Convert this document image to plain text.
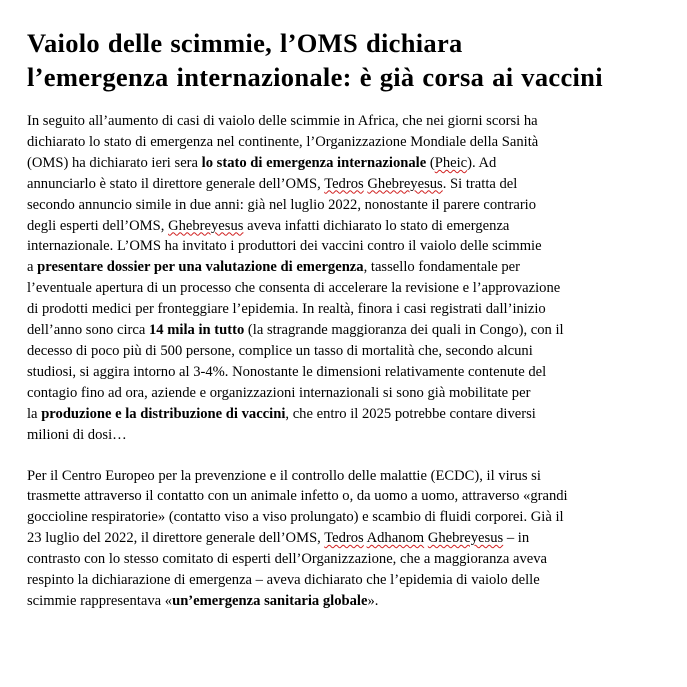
Vaiolo delle scimmie, l’OMS dichiara
l’emergenza internazionale: è già corsa ai vaccini
In seguito all’aumento di casi di vaiolo delle scimmie in Africa, che nei giorni scorsi ha
dichiarato lo stato di emergenza nel continente, l’Organizzazione Mondiale della Sanità
(OMS) ha dichiarato ieri sera lo stato di emergenza internazionale (Pheic). Ad
annunciarlo è stato il direttore generale dell’OMS, Tedros Ghebreyesus. Si tratta del
secondo annuncio simile in due anni: già nel luglio 2022, nonostante il parere contrario
degli esperti dell’OMS, Ghebreyesus aveva infatti dichiarato lo stato di emergenza
internazionale. L’OMS ha invitato i produttori dei vaccini contro il vaiolo delle scimmie
a presentare dossier per una valutazione di emergenza, tassello fondamentale per
l’eventuale apertura di un processo che consenta di accelerare la revisione e l’approvazione
di prodotti medici per fronteggiare l’epidemia. In realtà, finora i casi registrati dall’inizio
dell’anno sono circa 14 mila in tutto (la stragrande maggioranza dei quali in Congo), con il
decesso di poco più di 500 persone, complice un tasso di mortalità che, secondo alcuni
studiosi, si aggira intorno al 3-4%. Nonostante le dimensioni relativamente contenute del
contagio fino ad ora, aziende e organizzazioni internazionali si sono già mobilitate per
la produzione e la distribuzione di vaccini, che entro il 2025 potrebbe contare diversi
milioni di dosi…
Per il Centro Europeo per la prevenzione e il controllo delle malattie (ECDC), il virus si
trasmette attraverso il contatto con un animale infetto o, da uomo a uomo, attraverso «grandi
goccioline respiratorie» (contatto viso a viso prolungato) e scambio di fluidi corporei. Già il
23 luglio del 2022, il direttore generale dell’OMS, Tedros Adhanom Ghebreyesus – in
contrasto con lo stesso comitato di esperti dell’Organizzazione, che a maggioranza aveva
respinto la dichiarazione di emergenza – aveva dichiarato che l’epidemia di vaiolo delle
scimmie rappresentava «un’emergenza sanitaria globale».
